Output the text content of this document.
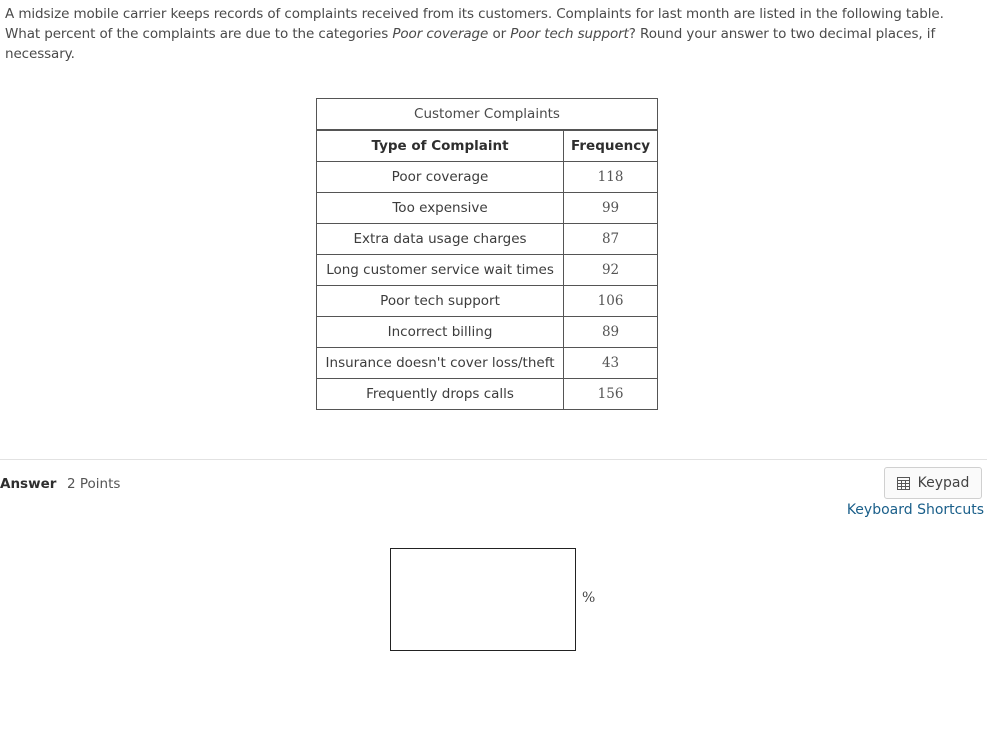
A midsize mobile carrier keeps records of complaints received from its customers. Complaints for last month are listed in the following table. What percent of the complaints are due to the categories Poor coverage or Poor tech support? Round your answer to two decimal places, if necessary.
Customer Complaints	
Type of Complaint	Frequency
Poor coverage	118
Too expensive	99
Extra data usage charges	87
Long customer service wait times	92
Poor tech support	106
Incorrect billing	89
Insurance doesn't cover loss/theft	43
Frequently drops calls	156
Answer 2 Points	Keypad
Keyboard Shortcuts
%
